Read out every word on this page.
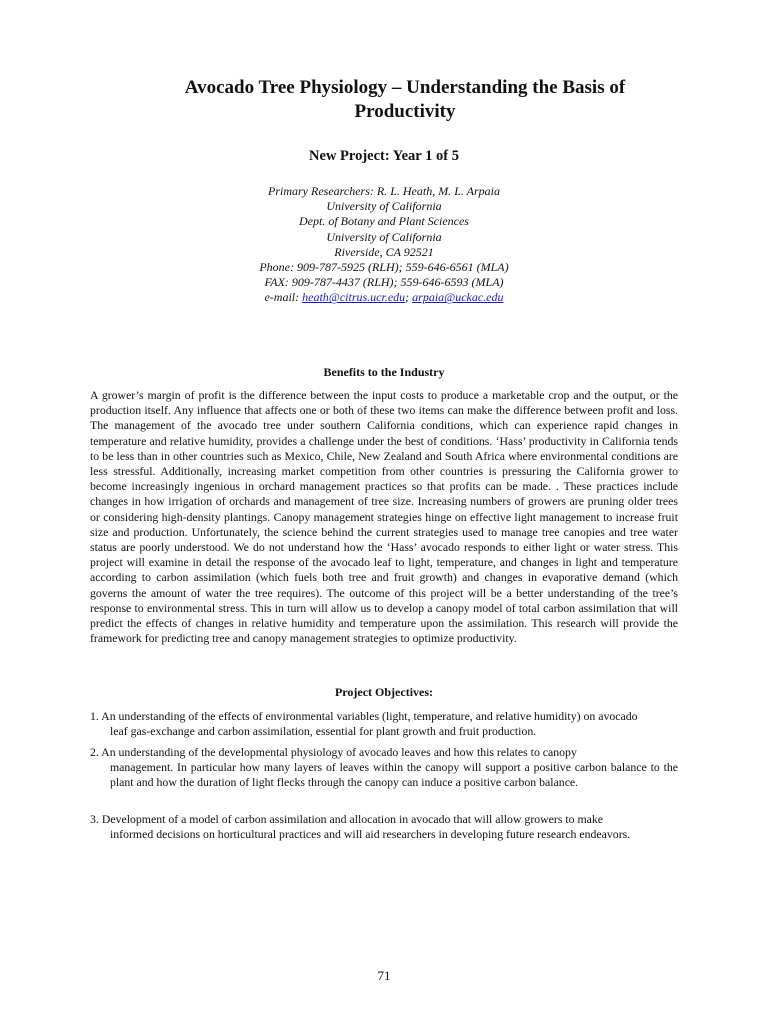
Avocado Tree Physiology – Understanding the Basis of
Productivity
New Project: Year 1 of 5
Primary Researchers: R. L. Heath, M. L. Arpaia
University of California
Dept. of Botany and Plant Sciences
University of California
Riverside, CA 92521
Phone: 909-787-5925 (RLH); 559-646-6561 (MLA)
FAX: 909-787-4437 (RLH); 559-646-6593 (MLA)
e-mail: heath@citrus.ucr.edu; arpaia@uckac.edu
Benefits to the Industry
A grower’s margin of profit is the difference between the input costs to produce a marketable crop and the output, or the production itself. Any influence that affects one or both of these two items can make the difference between profit and loss. The management of the avocado tree under southern California conditions, which can experience rapid changes in temperature and relative humidity, provides a challenge under the best of conditions. ‘Hass’ productivity in California tends to be less than in other countries such as Mexico, Chile, New Zealand and South Africa where environmental conditions are less stressful. Additionally, increasing market competition from other countries is pressuring the California grower to become increasingly ingenious in orchard management practices so that profits can be made. . These practices include changes in how irrigation of orchards and management of tree size. Increasing numbers of growers are pruning older trees or considering high-density plantings. Canopy management strategies hinge on effective light management to increase fruit size and production. Unfortunately, the science behind the current strategies used to manage tree canopies and tree water status are poorly understood. We do not understand how the ‘Hass’ avocado responds to either light or water stress. This project will examine in detail the response of the avocado leaf to light, temperature, and changes in light and temperature according to carbon assimilation (which fuels both tree and fruit growth) and changes in evaporative demand (which governs the amount of water the tree requires). The outcome of this project will be a better understanding of the tree’s response to environmental stress. This in turn will allow us to develop a canopy model of total carbon assimilation that will predict the effects of changes in relative humidity and temperature upon the assimilation. This research will provide the framework for predicting tree and canopy management strategies to optimize productivity.
Project Objectives:
1. An understanding of the effects of environmental variables (light, temperature, and relative humidity) on avocado
leaf gas-exchange and carbon assimilation, essential for plant growth and fruit production.
2. An understanding of the developmental physiology of avocado leaves and how this relates to canopy
management. In particular how many layers of leaves within the canopy will support a positive carbon balance to the plant and how the duration of light flecks through the canopy can induce a positive carbon balance.
3. Development of a model of carbon assimilation and allocation in avocado that will allow growers to make
informed decisions on horticultural practices and will aid researchers in developing future research endeavors.
71
